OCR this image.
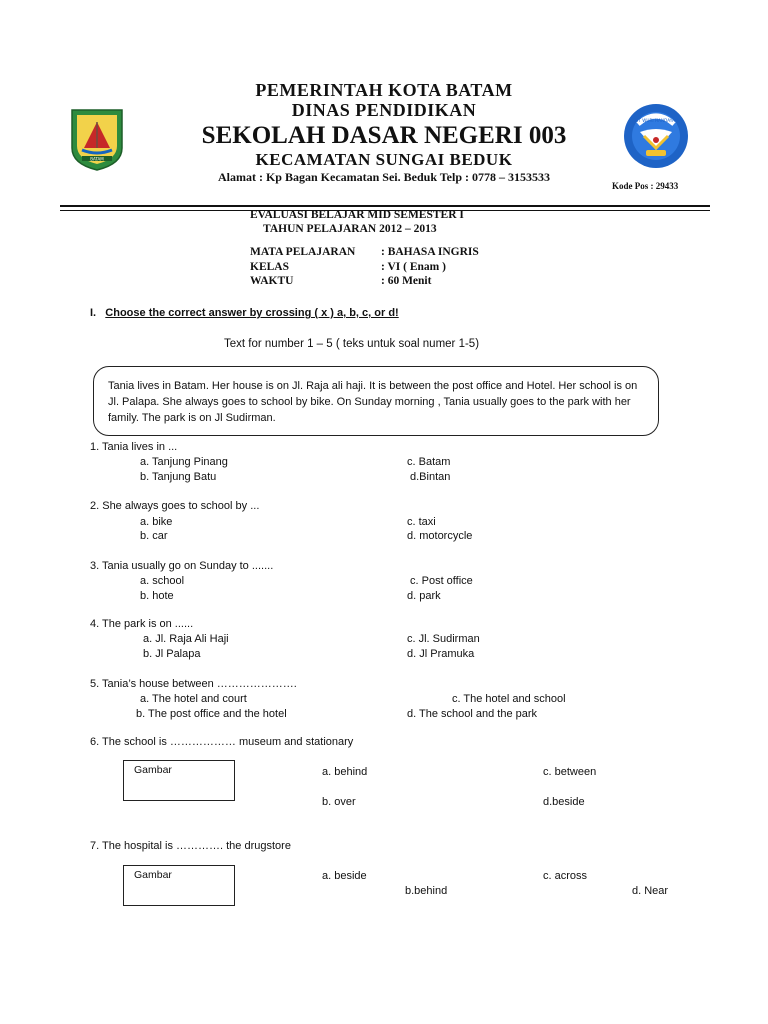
BATAM
TUT WURI HANDAYANI
PEMERINTAH KOTA BATAM
DINAS PENDIDIKAN
SEKOLAH DASAR NEGERI 003
KECAMATAN SUNGAI BEDUK
Alamat : Kp Bagan Kecamatan Sei. Beduk Telp : 0778 – 3153533
Kode Pos : 29433
EVALUASI BELAJAR MID SEMESTER I
TAHUN PELAJARAN 2012 – 2013
MATA PELAJARAN : BAHASA INGRIS
KELAS	: VI ( Enam )
WAKTU	: 60 Menit
I. Choose the correct answer by crossing ( x ) a, b, c, or d!
Text for number 1 – 5 ( teks untuk soal numer 1-5)
Tania lives in Batam. Her house is on Jl. Raja ali haji. It is between the post office and Hotel. Her school is on Jl. Palapa. She always goes to school by bike. On Sunday morning , Tania usually goes to the park with her family. The park is on Jl Sudirman.
1. Tania lives in ...
a. Tanjung Pinang
b. Tanjung Batu
c. Batam
d.Bintan
2. She always goes to school by ...
a. bike
b. car
c. taxi
d. motorcycle
3. Tania usually go on Sunday to .......
a. school
b. hote
c. Post office
d. park
4. The park is on ......
a. Jl. Raja Ali Haji
b. Jl Palapa
c. Jl. Sudirman
d. Jl Pramuka
5. Tania’s house between ………………….
a. The hotel and court
b. The post office and the hotel
c. The hotel and school
d. The school and the park
6. The school is ……………… museum and stationary
Gambar	a. behind
b. over
c. between
d.beside
7. The hospital is …………. the drugstore
Gambar	a. beside
b.behind
c. across
d. Near
